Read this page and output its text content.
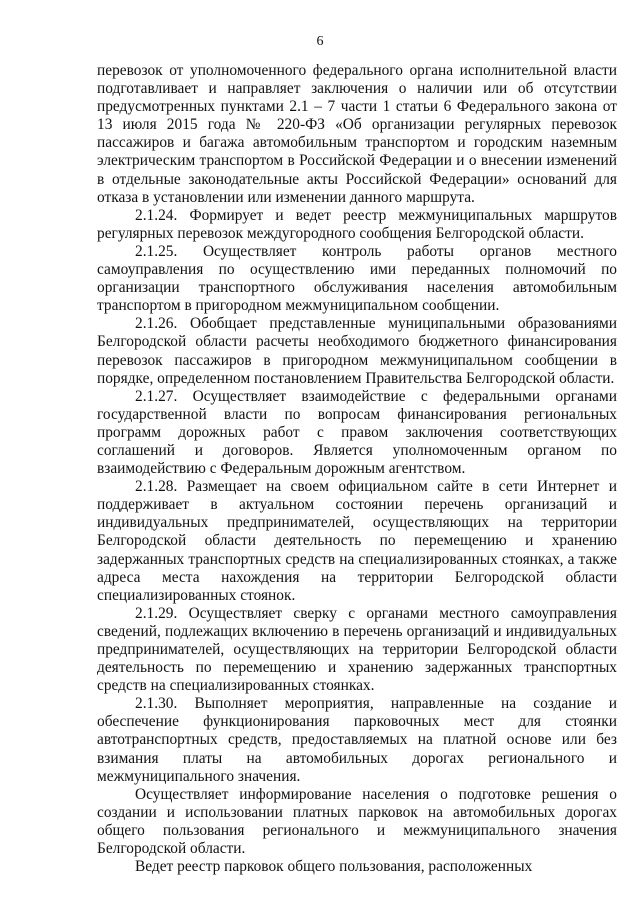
6

перевозок от уполномоченного федерального органа исполнительной власти подготавливает и направляет заключения о наличии или об отсутствии предусмотренных пунктами 2.1 – 7 части 1 статьи 6 Федерального закона от 13 июля 2015 года № 220-ФЗ «Об организации регулярных перевозок пассажиров и багажа автомобильным транспортом и городским наземным электрическим транспортом в Российской Федерации и о внесении изменений в отдельные законодательные акты Российской Федерации» оснований для отказа в установлении или изменении данного маршрута.

2.1.24. Формирует и ведет реестр межмуниципальных маршрутов регулярных перевозок междугородного сообщения Белгородской области.

2.1.25. Осуществляет контроль работы органов местного самоуправления по осуществлению ими переданных полномочий по организации транспортного обслуживания населения автомобильным транспортом в пригородном межмуниципальном сообщении.

2.1.26. Обобщает представленные муниципальными образованиями Белгородской области расчеты необходимого бюджетного финансирования перевозок пассажиров в пригородном межмуниципальном сообщении в порядке, определенном постановлением Правительства Белгородской области.

2.1.27. Осуществляет взаимодействие с федеральными органами государственной власти по вопросам финансирования региональных программ дорожных работ с правом заключения соответствующих соглашений и договоров. Является уполномоченным органом по взаимодействию с Федеральным дорожным агентством.

2.1.28. Размещает на своем официальном сайте в сети Интернет и поддерживает в актуальном состоянии перечень организаций и индивидуальных предпринимателей, осуществляющих на территории Белгородской области деятельность по перемещению и хранению задержанных транспортных средств на специализированных стоянках, а также адреса места нахождения на территории Белгородской области специализированных стоянок.

2.1.29. Осуществляет сверку с органами местного самоуправления сведений, подлежащих включению в перечень организаций и индивидуальных предпринимателей, осуществляющих на территории Белгородской области деятельность по перемещению и хранению задержанных транспортных средств на специализированных стоянках.

2.1.30. Выполняет мероприятия, направленные на создание и обеспечение функционирования парковочных мест для стоянки автотранспортных средств, предоставляемых на платной основе или без взимания платы на автомобильных дорогах регионального и межмуниципального значения.

Осуществляет информирование населения о подготовке решения о создании и использовании платных парковок на автомобильных дорогах общего пользования регионального и межмуниципального значения Белгородской области.

Ведет реестр парковок общего пользования, расположенных
